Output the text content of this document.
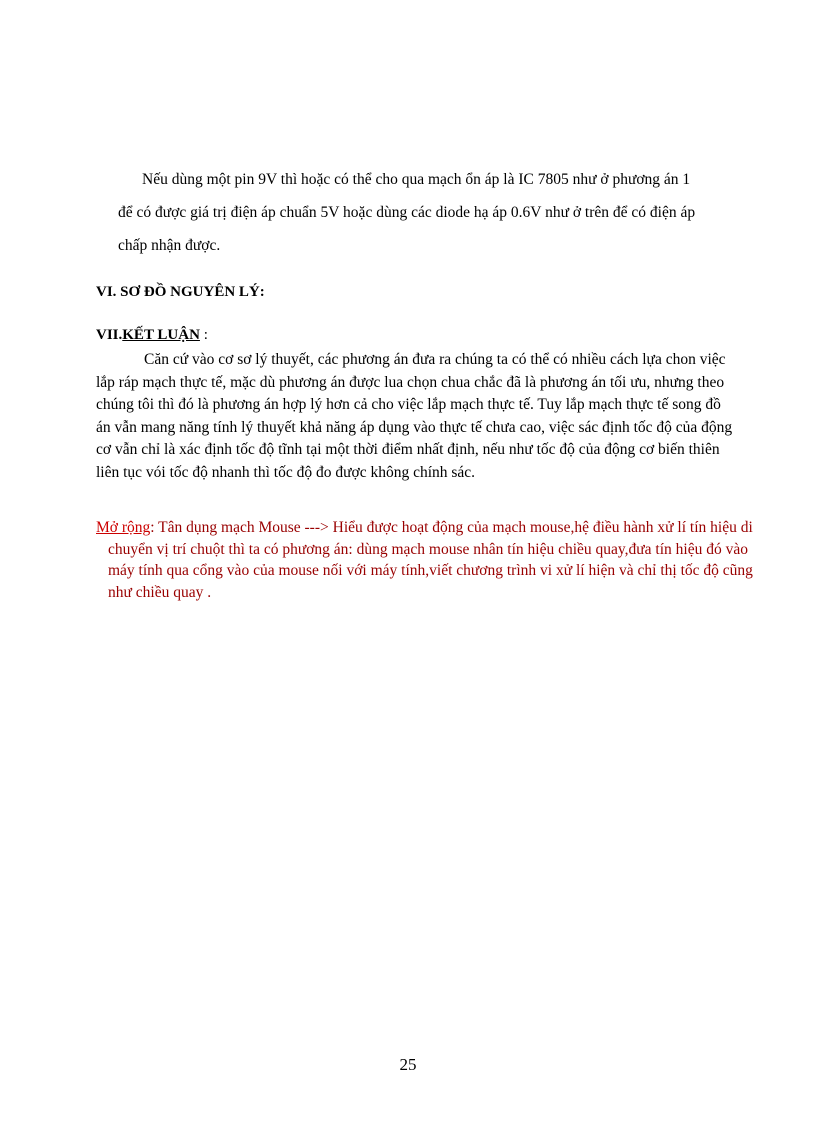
Nếu dùng một pin 9V thì hoặc có thể cho qua mạch ổn áp là IC 7805 như ở phương án 1 để có được giá trị điện áp chuẩn 5V hoặc dùng các diode hạ áp 0.6V như ở trên để có điện áp chấp nhận được.

VI. SƠ ĐỒ NGUYÊN LÝ:
VII.KẾT LUẬN :

Căn cứ vào cơ sơ lý thuyết, các phương án đưa ra chúng ta có thể có nhiều cách lựa chon việc lắp ráp mạch thực tế, mặc dù phương án được lua chọn chua chắc đã là phương án tối ưu, nhưng theo chúng tôi thì đó là phương án hợp lý hơn cả cho việc lắp mạch thực tế. Tuy lắp mạch thực tế song đồ án vẫn mang năng tính lý thuyết khả năng áp dụng vào thực tế chưa cao, việc sác định tốc độ của động cơ vẫn chỉ là xác định tốc độ tĩnh tại một thời điểm nhất định, nếu như tốc độ của động cơ biến thiên liên tục vói tốc độ nhanh thì tốc độ đo được không chính sác.

Mở rộng: Tân dụng mạch Mouse ---> Hiểu được hoạt động của mạch mouse,hệ điều hành xử lí tín hiệu di chuyển vị trí chuột thì ta có phương án: dùng mạch mouse nhân tín hiệu chiều quay,đưa tín hiệu đó vào máy tính qua cổng vào của mouse nối với máy tính,viết chương trình vi xử lí hiện và chỉ thị tốc độ cũng như chiều quay .

25
